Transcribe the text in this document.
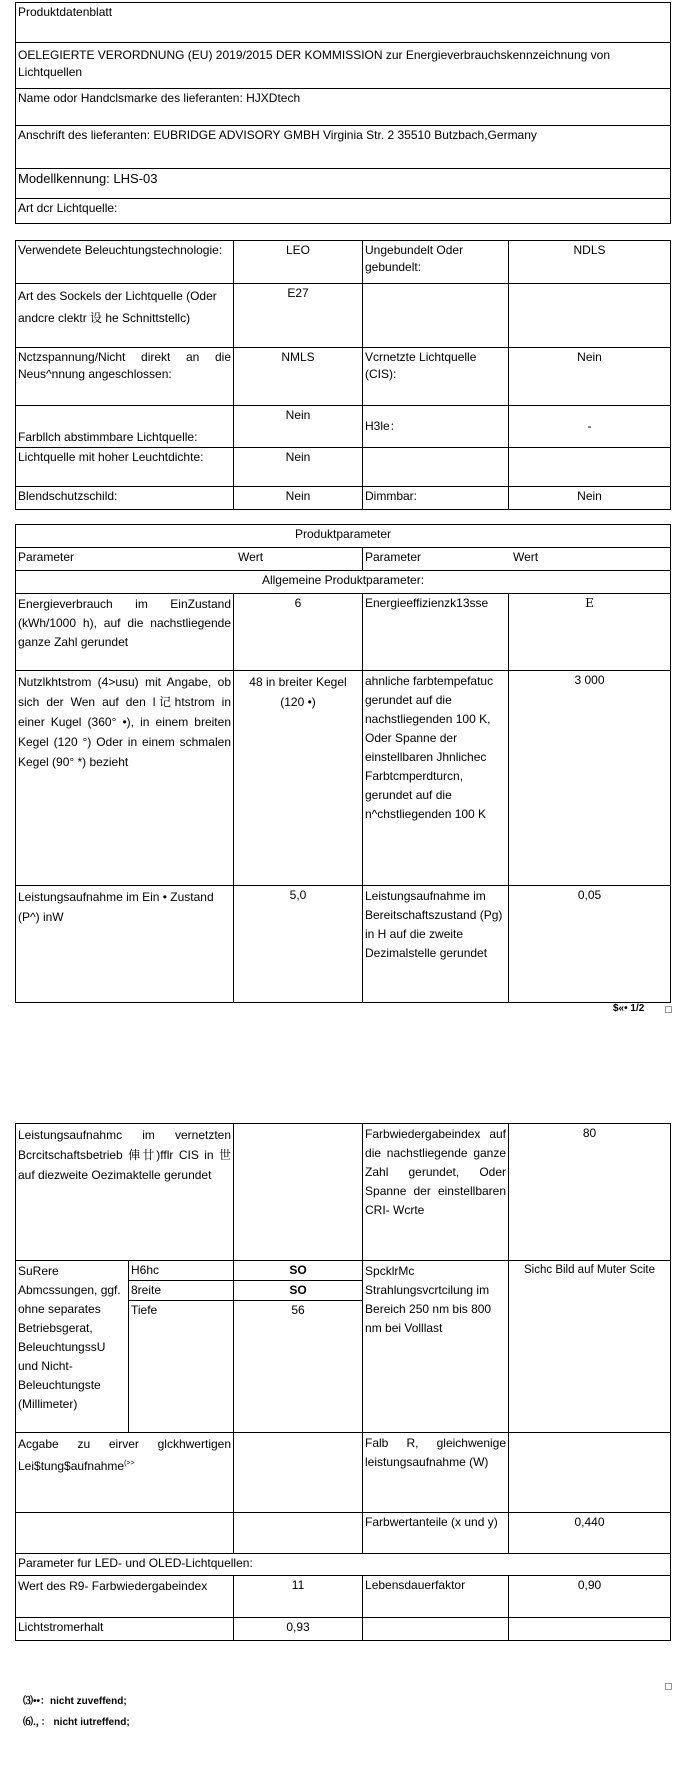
Produktdatenblatt
OELEGIERTE VERORDNUNG (EU) 2019/2015 DER KOMMISSION zur Energieverbrauchskennzeichnung von Lichtquellen
Name odor Handclsmarke des lieferanten: HJXDtech
Anschrift des lieferanten: EUBRIDGE ADVISORY GMBH Virginia Str. 2 35510 Butzbach,Germany
Modellkennung: LHS-03
Art dcr Lichtquelle:
Verwendete Beleuchtungstechnologie:	LEO	Ungebundelt Oder gebundelt:	NDLS
Art des Sockels der Lichtquelle (Oder andcre clektr 设 he Schnittstellc)	E27		
Nctzspannung/Nicht direkt an die Neus^nnung angeschlossen:	NMLS	Vcrnetzte Lichtquelle (CIS):	Nein
Farbllch abstimmbare Lichtquelle:	Nein	H3le：	-
Lichtquelle mit hoher Leuchtdichte:	Nein		
Blendschutzschild:	Nein	Dimmbar:	Nein
Produktparameter
Parameter	Wert	Parameter	Wert

Allgemeine Produktparameter:
Energieverbrauch im EinZustand (kWh/1000 h), auf die nachstliegende ganze Zahl gerundet	6	Energieeffizienzk13sse	E
Nutzlkhtstrom (4>usu) mit Angabe, ob sich der Wen auf den l记htstrom in einer Kugel (360° •), in einem breiten Kegel (120 °) Oder in einem schmalen Kegel (90° *) bezieht	48 in breiter Kegel (120 •)	ahnliche farbtempefatuc gerundet auf die nachstliegenden 100 K, Oder Spanne der einstellbaren Jhnlichec Farbtcmperdturcn, gerundet auf die n^chstliegenden 100 K	3 000
Leistungsaufnahme im Ein • Zustand (P^) inW	5,0	Leistungsaufnahme im Bereitschaftszustand (Pg) in H auf die zweite Dezimalstelle gerundet	0,05
$«• 1/2
Leistungsaufnahmc im vernetzten Bcrcitschaftsbetrieb 俥廿)fflr CIS in 世 auf diezweite Oezimaktelle gerundet			Farbwiedergabeindex auf die nachstliegende ganze Zahl gerundet, Oder Spanne der einstellbaren CRI- Wcrte	80
SuRere Abmcssungen, ggf. ohne separates Betriebsgerat, BeleuchtungssU und Nicht- Beleuchtungste (Millimeter)	H6hc	SO	SpcklrMc Strahlungsvcrtcilung im Bereich 250 nm bis 800 nm bei Volllast	Sichc Bild auf Muter Scite
	8reite	SO		
	Tiefe	56		
Acgabe zu eirver glckhwertigen Lei$tung$aufnahme(>>			Falb R, gleichwenige leistungsaufnahme (W)	
			Farbwertanteile (x und y)	0,440
Parameter fur LED- und OLED-Lichtquellen:				
Wert des R9- Farbwiedergabeindex		11	Lebensdauerfaktor	0,90
Lichtstromerhalt		0,93		
⑶••：nicht zuveffend;
⑹.，： nicht iutreffend;
